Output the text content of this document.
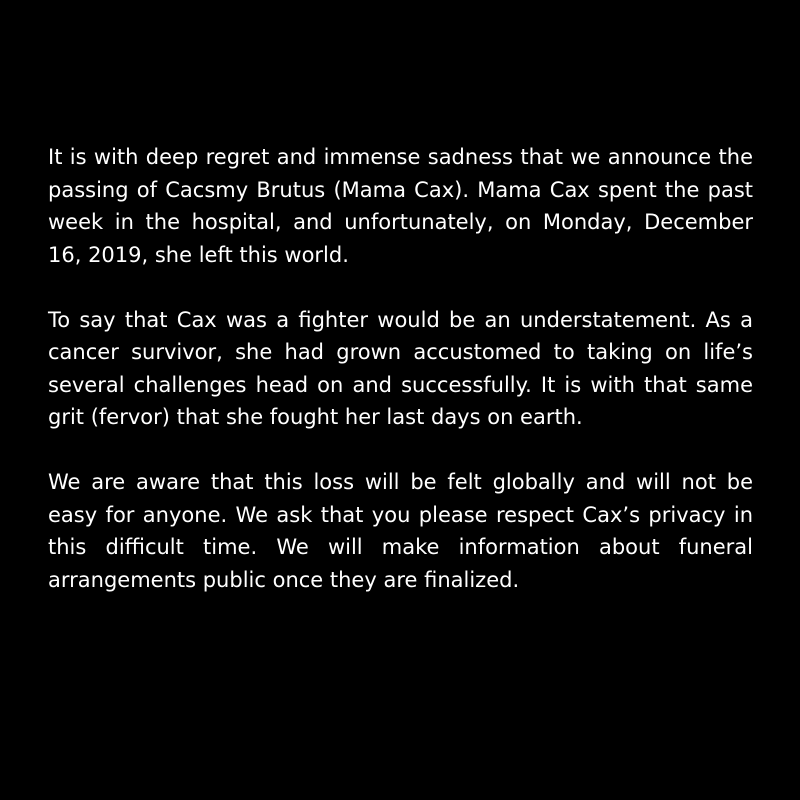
It is with deep regret and immense sadness that we announce the passing of Cacsmy Brutus (Mama Cax). Mama Cax spent the past week in the hospital, and unfortunately, on Monday, December 16, 2019, she left this world.

To say that Cax was a fighter would be an understatement. As a cancer survivor, she had grown accustomed to taking on life’s several challenges head on and successfully. It is with that same grit (fervor) that she fought her last days on earth.

We are aware that this loss will be felt globally and will not be easy for anyone. We ask that you please respect Cax’s privacy in this difficult time. We will make information about funeral arrangements public once they are finalized.
